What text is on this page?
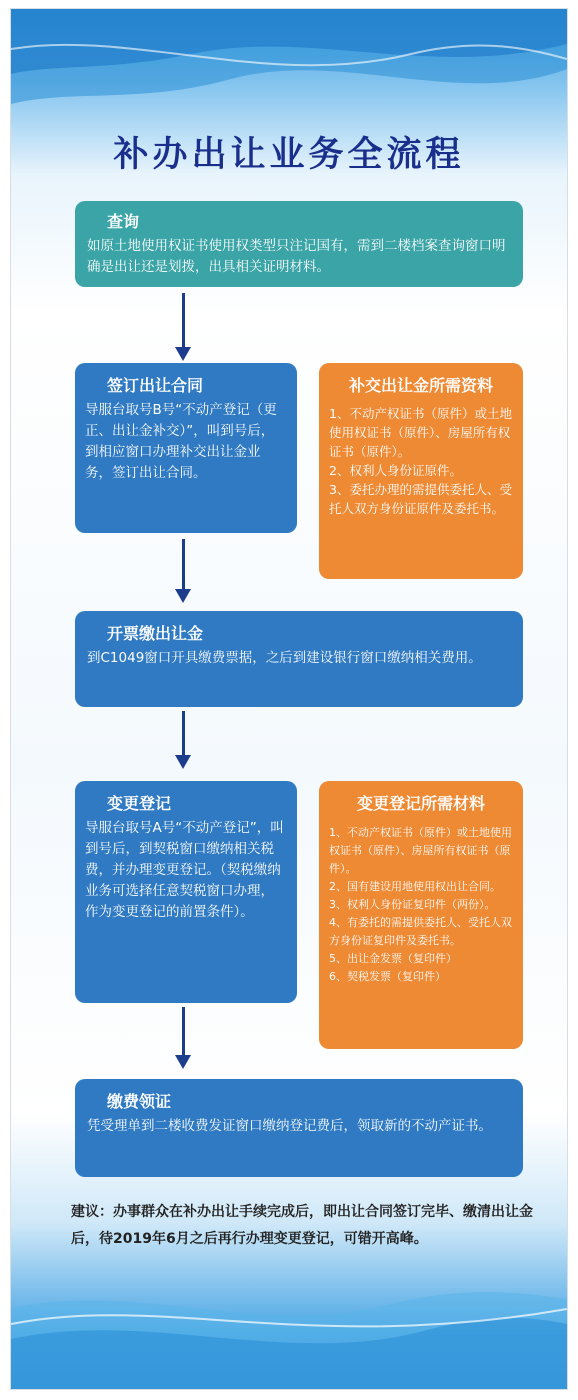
补办出让业务全流程
查询
如原土地使用权证书使用权类型只注记国有，需到二楼档案查询窗口明确是出让还是划拨，出具相关证明材料。
签订出让合同
导服台取号B号“不动产登记（更正、出让金补交）”，叫到号后，到相应窗口办理补交出让金业务，签订出让合同。
补交出让金所需资料
1、不动产权证书（原件）或土地使用权证书（原件）、房屋所有权证书（原件）。
2、权利人身份证原件。
3、委托办理的需提供委托人、受托人双方身份证原件及委托书。
开票缴出让金
到C1049窗口开具缴费票据，之后到建设银行窗口缴纳相关费用。
变更登记
导服台取号A号“不动产登记”，叫到号后，到契税窗口缴纳相关税费，并办理变更登记。（契税缴纳业务可选择任意契税窗口办理，作为变更登记的前置条件）。
变更登记所需材料
1、不动产权证书（原件）或土地使用权证书（原件）、房屋所有权证书（原件）。
2、国有建设用地使用权出让合同。
3、权利人身份证复印件（两份）。
4、有委托的需提供委托人、受托人双方身份证复印件及委托书。
5、出让金发票（复印件）
6、契税发票（复印件）
缴费领证
凭受理单到二楼收费发证窗口缴纳登记费后，领取新的不动产证书。
建议：办事群众在补办出让手续完成后，即出让合同签订完毕、缴清出让金后，待2019年6月之后再行办理变更登记，可错开高峰。
